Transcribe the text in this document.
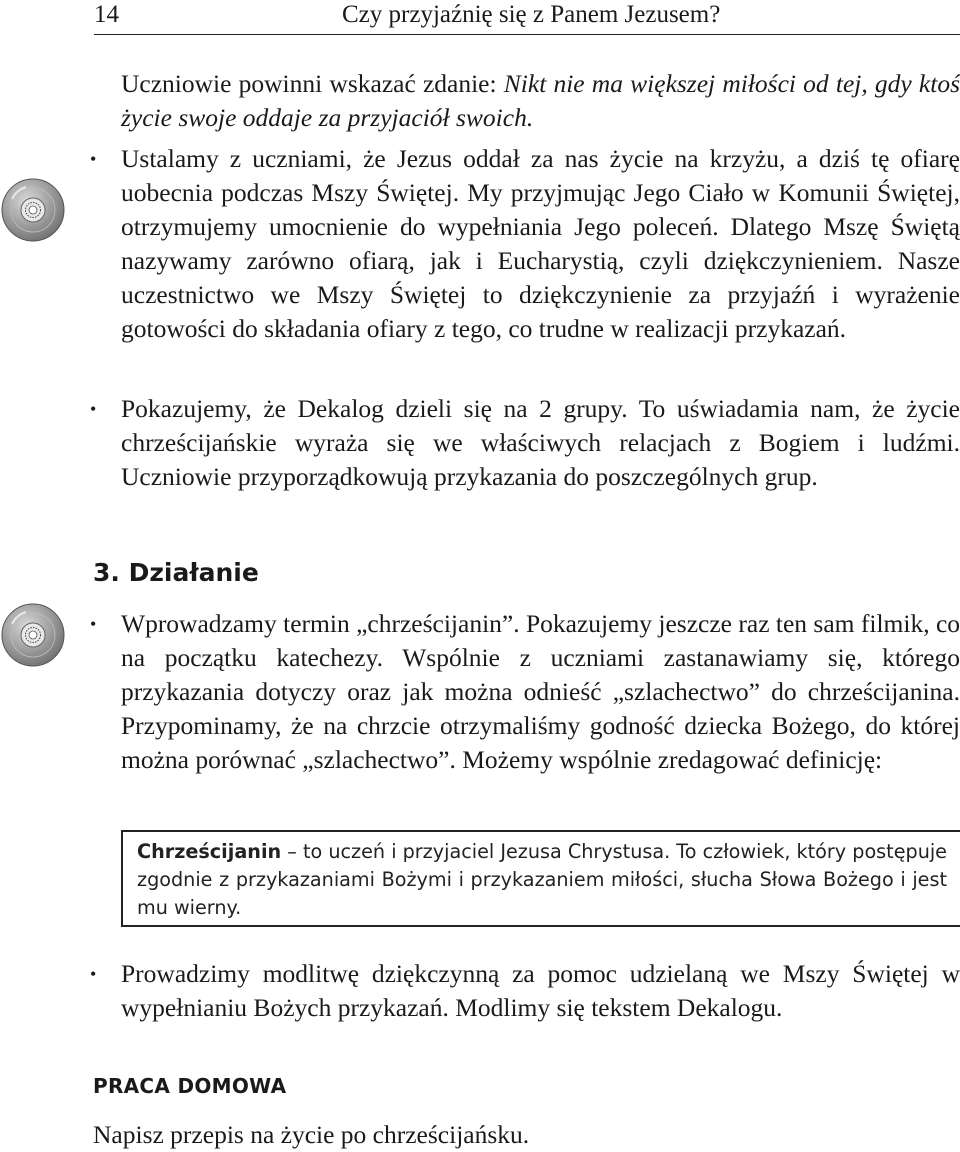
14	Czy przyjaźnię się z Panem Jezusem?
Uczniowie powinni wskazać zdanie: Nikt nie ma większej miłości od tej, gdy ktoś życie swoje oddaje za przyjaciół swoich.
• Ustalamy z uczniami, że Jezus oddał za nas życie na krzyżu, a dziś tę ofiarę uobecnia podczas Mszy Świętej. My przyjmując Jego Ciało w Komunii Świętej, otrzymujemy umocnienie do wypełniania Jego poleceń. Dlatego Mszę Świętą nazywamy zarówno ofiarą, jak i Eucharystią, czyli dziękczynieniem. Nasze uczestnictwo we Mszy Świętej to dziękczynienie za przyjaźń i wyrażenie gotowości do składania ofiary z tego, co trudne w realizacji przykazań.
• Pokazujemy, że Dekalog dzieli się na 2 grupy. To uświadamia nam, że życie chrześcijańskie wyraża się we właściwych relacjach z Bogiem i ludźmi. Uczniowie przyporządkowują przykazania do poszczególnych grup.
3. Działanie
• Wprowadzamy termin „chrześcijanin”. Pokazujemy jeszcze raz ten sam filmik, co na początku katechezy. Wspólnie z uczniami zastanawiamy się, którego przykazania dotyczy oraz jak można odnieść „szlachectwo” do chrześcijanina. Przypominamy, że na chrzcie otrzymaliśmy godność dziecka Bożego, do której można porównać „szlachectwo”. Możemy wspólnie zredagować definicję:
Chrześcijanin – to uczeń i przyjaciel Jezusa Chrystusa. To człowiek, który postępuje zgodnie z przykazaniami Bożymi i przykazaniem miłości, słucha Słowa Bożego i jest mu wierny.
• Prowadzimy modlitwę dziękczynną za pomoc udzielaną we Mszy Świętej w wypełnianiu Bożych przykazań. Modlimy się tekstem Dekalogu.
PRACA DOMOWA
Napisz przepis na życie po chrześcijańsku.
